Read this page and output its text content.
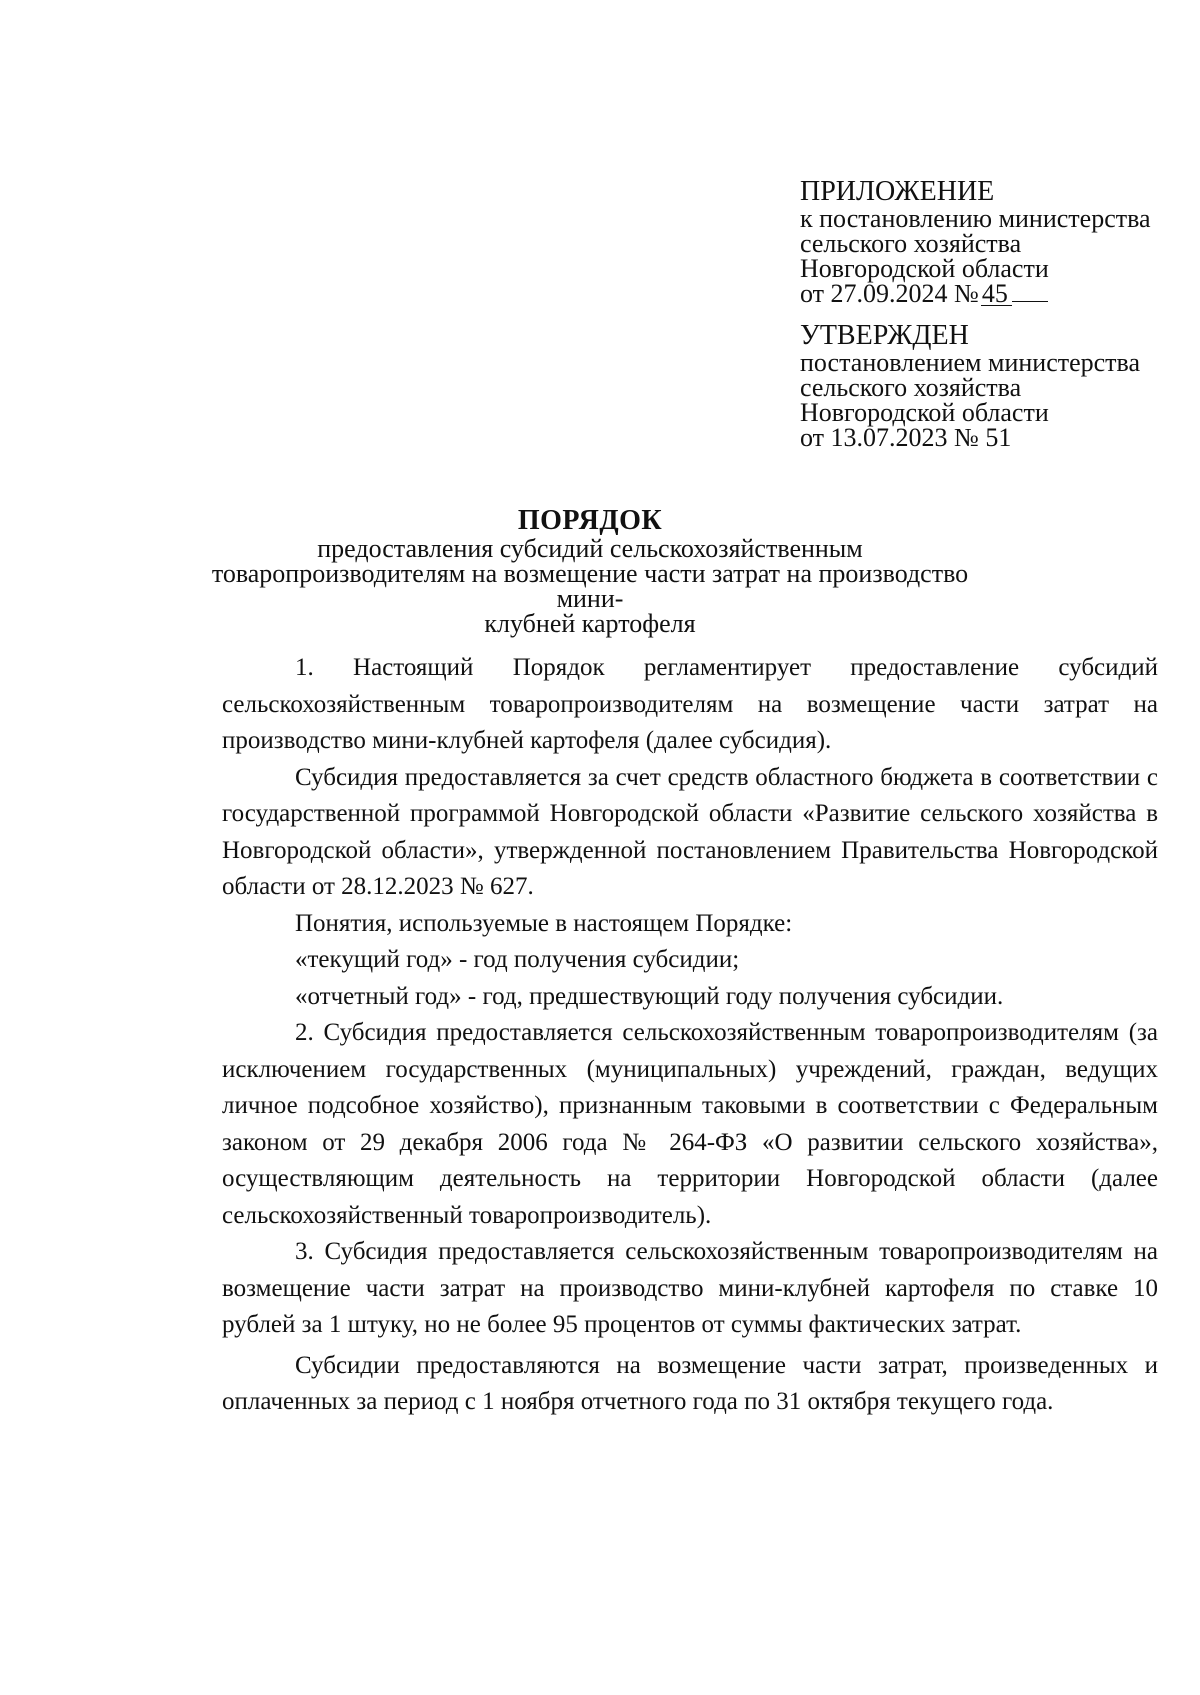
ПРИЛОЖЕНИЕ
к постановлению министерства
сельского хозяйства
Новгородской области
от 27.09.2024 № 45
УТВЕРЖДЕН
постановлением министерства
сельского хозяйства
Новгородской области
от 13.07.2023 № 51
ПОРЯДОК
предоставления субсидий сельскохозяйственным
товаропроизводителям на возмещение части затрат на производство мини-
клубней картофеля

1. Настоящий Порядок регламентирует предоставление субсидий сельскохозяйственным товаропроизводителям на возмещение части затрат на производство мини-клубней картофеля (далее субсидия).

Субсидия предоставляется за счет средств областного бюджета в соответствии с государственной программой Новгородской области «Развитие сельского хозяйства в Новгородской области», утвержденной постановлением Правительства Новгородской области от 28.12.2023 № 627.

Понятия, используемые в настоящем Порядке:

«текущий год» - год получения субсидии;

«отчетный год» - год, предшествующий году получения субсидии.

2. Субсидия предоставляется сельскохозяйственным товаропроизводителям (за исключением государственных (муниципальных) учреждений, граждан, ведущих личное подсобное хозяйство), признанным таковыми в соответствии с Федеральным законом от 29 декабря 2006 года № 264-ФЗ «О развитии сельского хозяйства», осуществляющим деятельность на территории Новгородской области (далее сельскохозяйственный товаропроизводитель).

3. Субсидия предоставляется сельскохозяйственным товаропроизводителям на возмещение части затрат на производство мини-клубней картофеля по ставке 10 рублей за 1 штуку, но не более 95 процентов от суммы фактических затрат.

Субсидии предоставляются на возмещение части затрат, произведенных и оплаченных за период с 1 ноября отчетного года по 31 октября текущего года.
